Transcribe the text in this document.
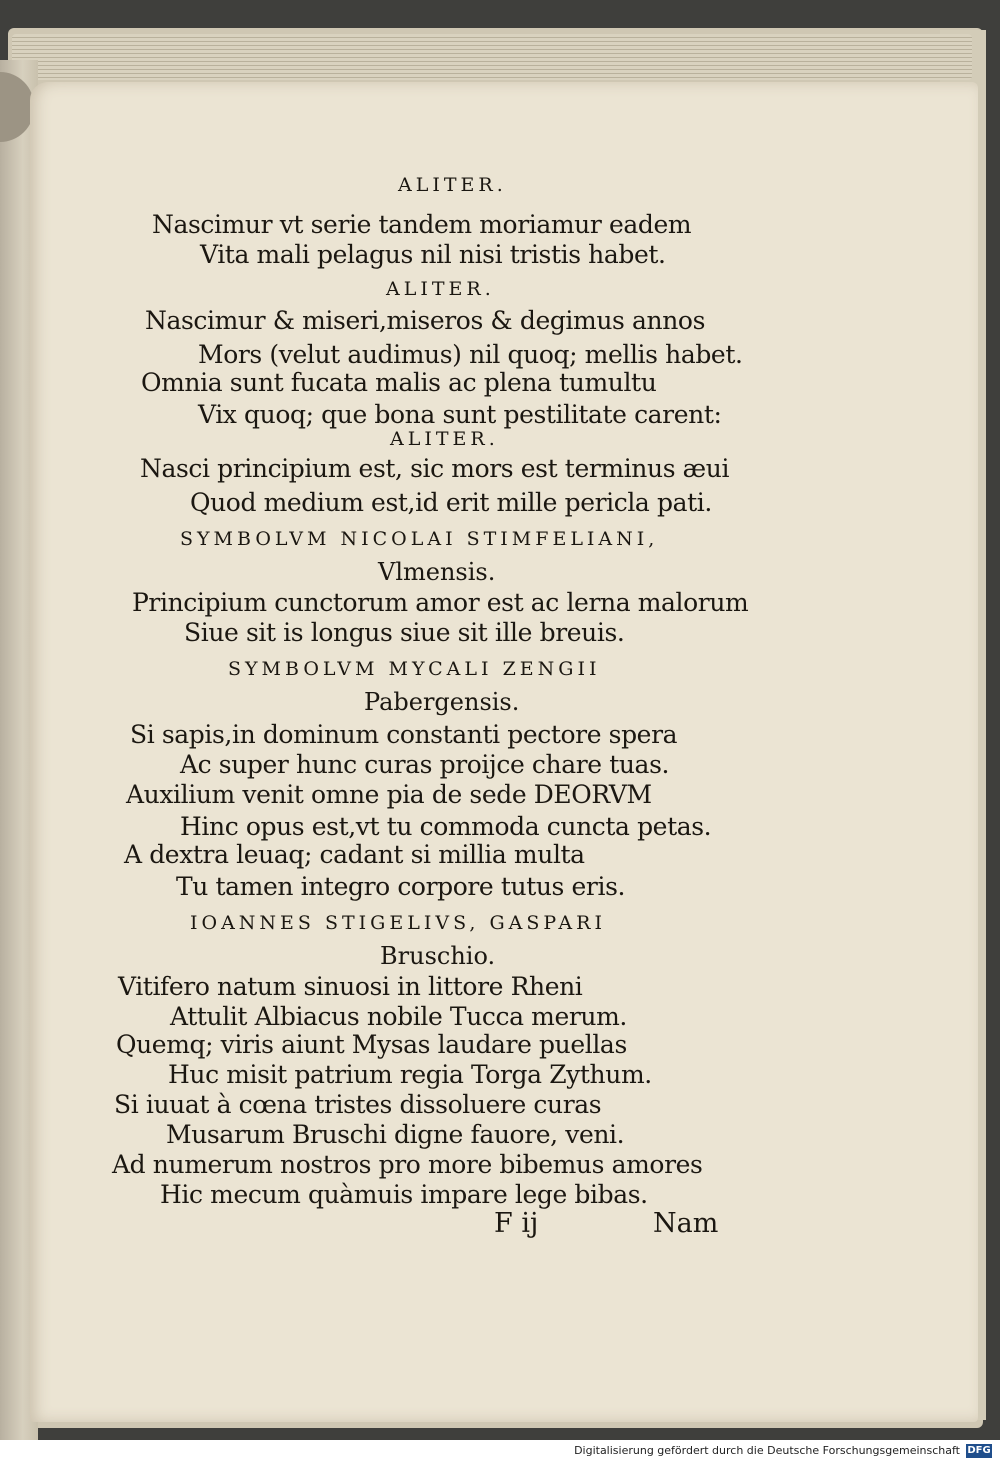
ALITER.
Nascimur vt serie tandem moriamur eadem
Vita mali pelagus nil nisi tristis habet.
ALITER.
Nascimur & miseri,miseros & degimus annos
Mors (velut audimus) nil quoq; mellis habet.
Omnia sunt fucata malis ac plena tumultu
Vix quoq; que bona sunt pestilitate carent:
ALITER.
Nasci principium est, sic mors est terminus æui
Quod medium est,id erit mille pericla pati.
SYMBOLVM NICOLAI STIMFELIANI,
Vlmensis.
Principium cunctorum amor est ac lerna malorum
Siue sit is longus siue sit ille breuis.
SYMBOLVM MYCALI ZENGII
Pabergensis.
Si sapis,in dominum constanti pectore spera
Ac super hunc curas proijce chare tuas.
Auxilium venit omne pia de sede DEORVM
Hinc opus est,vt tu commoda cuncta petas.
A dextra leuaq; cadant si millia multa
Tu tamen integro corpore tutus eris.
IOANNES STIGELIVS, GASPARI
Bruschio.
Vitifero natum sinuosi in littore Rheni
Attulit Albiacus nobile Tucca merum.
Quemq; viris aiunt Mysas laudare puellas
Huc misit patrium regia Torga Zythum.
Si iuuat à cœna tristes dissoluere curas
Musarum Bruschi digne fauore, veni.
Ad numerum nostros pro more bibemus amores
Hic mecum quàmuis impare lege bibas.
F ij	Nam
Digitalisierung gefördert durch die Deutsche Forschungsgemeinschaft DFG
